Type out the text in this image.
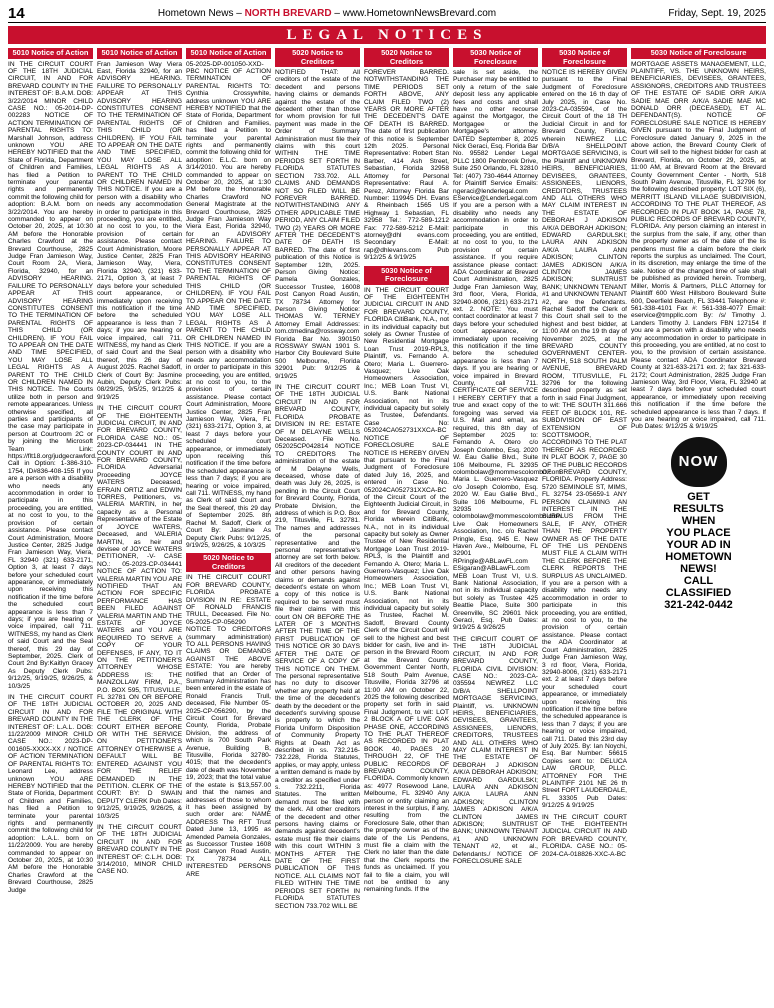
14	Hometown News – NORTH BREVARD – www.HometownNewsBrevard.com	Friday, Sept. 19, 2025
LEGAL NOTICES
5010 Notice of Action
IN THE CIRCUIT COURT OF THE 18TH JUDICIAL CIRCUIT, IN AND FOR BREVARD COUNTY IN THE INTEREST OF: B.A.M. DOB: 3/22/2014 MINOR CHILD CASE NO.: 05-2014-DP-002283 NOTICE OF ACTION TERMINATION OF PARENTAL RIGHTS TO: Marshall Johnson, address unknown YOU ARE HEREBY NOTIFIED that the State of Florida, Department of Children and Families, has filed a Petition to terminate your parental rights and permanently commit the following child for adoption: B.A.M. born on 3/22/2014. You are hereby commanded to appear on October 20, 2025, at 10:30 AM before the Honorable Charles Crawford at the Brevard Courthouse, 2825 Judge Fran Jamieson Way, Court Room 2A, Viera, Florida, 32940, for an ADVISORY HEARING. FAILURE TO PERSONALLY APPEAR AT THIS ADVISORY HEARING CONSTITUTES CONSENT TO THE TERMINATION OF PARENTAL RIGHTS OF THIS CHILD (OR CHILDREN). IF YOU FAIL TO APPEAR ON THE DATE AND TIME SPECIFIED, YOU MAY LOSE ALL LEGAL RIGHTS AS A PARENT TO THE CHILD OR CHILDREN NAMED IN THIS NOTICE. The Courts utilize both in person and remote appearances. Unless otherwise specified, all parties and participants of the case may participate in person at Courtroom 2C or by joining the Microsoft Team Link: https://flt18.org/judgecrawford. Call in Option: 1-386-310-1754, ID#836-408-155 If you are a person with a disability who needs any accommodation in order to participate in this proceeding, you are entitled, at no cost to you, to the provision of certain assistance. Please contact Court Administration, Moore Justice Center, 2825 Judge Fran Jamieson Way, Viera, FL 32940 (321) 633-2171, Option 3, at least 7 days before your scheduled court appearance, or immediately upon receiving this notification if the time before the scheduled court appearance is less than 7 days; if you are hearing or voice impaired, call 711. WITNESS, my hand as Clerk of said Court and the Seal thereof, this 29 day of September, 2025. Clerk of Court 2nd By:Kaitlyn Gracey As Deputy Clerk Pubs: 9/12/25, 9/19/25, 9/26/25, & 10/3/25
IN THE CIRCUIT COURT OF THE 18TH JUDICIAL CIRCUIT IN AND FOR BREVARD COUNTY IN THE INTEREST OF: L.A.L. DOB: 11/22/2009 MINOR CHILD CASE NO.: 2023-DP-001605-XXXX-XX / NOTICE OF ACTION TERMINATION OF PARENTAL RIGHTS TO: Leonard Lee, address unknown YOU ARE HEREBY NOTIFIED that the State of Florida, Department of Children and Families, has filed a Petition to terminate your parental rights and permanently commit the following child for adoption: L.A.L. born on 11/22/2009. You are hereby commanded to appear on October 20, 2025, at 10:30 AM before the Honorable Charles Crawford at the Brevard Courthouse, 2825 Judge
5010 Notice of Action
Fran Jamieson Way Viera East, Florida 32940, for an ADVISORY HEARING. FAILURE TO PERSONALLY APPEAR AT THIS ADVISORY HEARING CONSTITUTES CONSENT TO THE TERMINATION OF PARENTAL RIGHTS OF THIS CHILD (OR CHILDREN). IF YOU FAIL TO APPEAR ON THE DATE AND TIME SPECIFIED, YOU MAY LOSE ALL LEGAL RIGHTS AS A PARENT TO THE CHILD OR CHILDREN NAMED IN THIS NOTICE. If you are a person with a disability who needs any accommodation in order to participate in this proceeding, you are entitled, at no cost to you, to the provision of certain assistance. Please contact Court Administration, Moore Justice Center, 2825 Fran Jamieson Way, Viera, Florida 32940, (321) 633-2171, Option 3, at least 7 days before your scheduled court appearance, or immediately upon receiving this notification if the time before the scheduled appearance is less than 7 days; if you are hearing or voice impaired, call 711. WITNESS, my hand as Clerk of said Court and the Seal thereof, this 26 day of August 2025. Rachel Sadoff, Clerk of Court By: Jasmine Aubin, Deputy Clerk Pubs: 08/29/25, 9/5/25, 9/12/25 & 9/19/25
IN THE CIRCUIT COURT OF THE EIGHTEENTH JUDICIAL CIRCUIT, IN AND FOR BREVARD COUNTY, FLORIDA CASE NO.: 05-2023-CP-034441 IN THE COUNTY COURT IN AND FOR BREVARD COUNTY, FLORIDA Adversarial Proceeding JOYCE WATERS Deceased, EFRAIN ORTIZ and EDWIN TORRES, Petitioners, vs. VALERIA MARTIN, in her capacity as a Personal Representative of the Estate of JOYCE WATERS, Deceased, and VALERIA MARTIN, as heir and devisee of JOYCE WATERS PETITIONER, -V- CASE NO.: 05-2023-CP-034441 NOTICE OF ACTION TO: VALERIA MARTIN YOU ARE NOTIFIED THAT AN ACTION FOR SPECIFIC PERFORMANCE HAS BEEN FILED AGAINST VALERIA MARTIN AND THE ESTATE OF JOYCE WATERS and YOU ARE REQUIRED TO SERVE A COPY OF YOUR DEFENSES, IF ANY, TO IT ON THE PETITIONER'S ATTORNEY WHOSE ADDRESS IS: THE MANZOLLAW FIRM, P.A., P.O. BOX 595, TITUSVILLE, FL 32781 ON OR BEFORE OCTOBER 20, 2025 AND FILE THE ORIGINAL WITH THE CLERK OF THE COURT EITHER BEFORE OR WITH THE SERVICE ON PETITIONER'S ATTORNEY OTHERWISE A DEFAULT WILL BE ENTERED AGAINST YOU FOR THE RELIEF DEMANDED IN THE PETITION. CLERK OF THE COURT: BY: D SWAIN DEPUTY CLERK Pub Dates: 9/12/25, 9/19/25, 9/26/25, & 10/3/25
IN THE CIRCUIT COURT OF THE 18TH JUDICIAL CIRCUIT IN AND FOR BREVARD COUNTY IN THE INTEREST OF: C.L.H. DOB: 3/14/2010, MINOR CHILD CASE NO.
5010 Notice of Action
05-2025-DP-001050-XXD-PBC NOTICE OF ACTION TERMINATION OF PARENTAL RIGHTS TO: Cynthia Crossywhite, address unknown YOU ARE HEREBY NOTIFIED that the State of Florida, Department of Children and Families, has filed a Petition to terminate your parental rights and permanently commit the following child for adoption: E.L.C. born on 3/14/2010. You are hereby commanded to appear on October 20, 2025, at 1:30 PM before the Honorable Charles Crawford NO General Magistrate at the Brevard Courthouse, 2825 Judge Fran Jamieson Way Viera East, Florida 32940, for an ADVISORY HEARING. FAILURE TO PERSONALLY APPEAR AT THIS ADVISORY HEARING CONSTITUTES CONSENT TO THE TERMINATION OF PARENTAL RIGHTS OF THIS CHILD (OR CHILDREN). IF YOU FAIL TO APPEAR ON THE DATE AND TIME SPECIFIED, YOU MAY LOSE ALL LEGAL RIGHTS AS A PARENT TO THE CHILD OR CHILDREN NAMED IN THIS NOTICE. If you are a person with a disability who needs any accommodation in order to participate in this proceeding, you are entitled, at no cost to you, to the provision of certain assistance. Please contact Court Administration, Moore Justice Center, 2825 Fran Jamieson Way, Viera, FL (321) 633-2171, Option 3, at least 7 days before your scheduled court appearance, or immediately upon receiving this notification if the time before the scheduled appearance is less than 7 days; if you are hearing or voice impaired, call 711. WITNESS, my hand as Clerk of said Court and the Seal thereof, this 29 day of September 2025. 8th Rachel M. Sadoff, Clerk of Court By: Jasmine As Deputy Clerk Pubs: 9/12/25, 9/19/25, 9/26/25, & 10/3/25
5020 Notice to Creditors
IN THE CIRCUIT COURT FOR BREVARD COUNTY, FLORIDA PROBATE DIVISION IN RE: ESTATE OF RONALD FRANCIS TRULL, Deceased. File No. 05-2025-CP-056290 NOTICE TO CREDITORS (summary administration) TO ALL PERSONS HAVING CLAIMS OR DEMANDS AGAINST THE ABOVE ESTATE: You are hereby notified that an Order of Summary Administration has been entered in the estate of Ronald Francis Trull, deceased, File Number 05-2025-CP-056290, by the Circuit Court for Brevard County, Florida, Probate Division, the address of which is 700 South Park Avenue, Building B, Titusville, Florida 32780-4015; that the decedent's date of death was November 19, 2023; that the total value of the estate is $13,557.00 and that the names and addresses of those to whom it has been assigned by such order are: NAME ADDRESS The RFT Trust Dated June 13, 1995 as Amended Pamela Gonzales, as Successor Trustee 1608 Post Canyon Road Austin, TX 78734 ALL INTERESTED PERSONS ARE
5020 Notice to Creditors
NOTIFIED THAT: All creditors of the estate of the decedent and persons having claims or demands against the estate of the decedent other than those for whom provision for full payment was made in the Order of Summary Administration must file their claims with this court WITHIN THE TIME PERIODS SET FORTH IN FLORIDA STATUTES SECTION 733.702. ALL CLAIMS AND DEMANDS NOT SO FILED WILL BE FOREVER BARRED. NOTWITHSTANDING ANY OTHER APPLICABLE TIME PERIOD, ANY CLAIM FILED TWO (2) YEARS OR MORE AFTER THE DECEDENT'S DATE OF DEATH IS BARRED. The date of first publication of this Notice is September 12th, 2025. Person Giving Notice: Pamela Gonzales, Successor Trustee, 16008 Post Canyon Road Austin, TX 78734 Attorney for Person Giving Notice: THOMAS W. TERNEY Attorney Email Addresses: tom.ctmedina@rossway.com Florida Bar No. 390150 ROSSWAY SWAN 1901 S. Harbor City Boulevard Suite 500 Melbourne, Florida 32901 Pub: 9/12/25 & 9/19/25
IN THE CIRCUIT COURT OF THE 18TH JUDICIAL CIRCUIT IN AND FOR BREVARD COUNTY, FLORIDA PROBATE DIVISION IN RE: ESTATE OF M DELAYNE WELLS Deceased. File No. 052025CP042814 NOTICE TO CREDITORS The administration of the estate of M Delayne Wells, deceased, whose date of death was July 26, 2025, is pending in the Circuit Court for Brevard County, Florida, Probate Division, the address of which is P.O. Box 219, Titusville, FL 32781. The names and addresses of the personal representative and the personal representative's attorney are set forth below. All creditors of the decedent and other persons having claims or demands against decedent's estate on whom a copy of this notice is required to be served must file their claims with this court ON OR BEFORE THE LATER OF 3 MONTHS AFTER THE TIME OF THE FIRST PUBLICATION OF THIS NOTICE OR 30 DAYS AFTER THE DATE OF SERVICE OF A COPY OF THIS NOTICE ON THEM. The personal representative has no duty to discover whether any property held at the time of the decedent's death by the decedent or the decedent's surviving spouse is property to which the Florida Uniform Disposition of Community Property Rights at Death Act as described in ss. 732.216-732.228, Florida Statutes, applies, or may apply, unless a written demand is made by a creditor as specified under s. 732.2211, Florida Statutes. The written demand must be filed with the clerk. All other creditors of the decedent and other persons having claims or demands against decedent's estate must file their claims with this court WITHIN 3 MONTHS AFTER THE DATE OF THE FIRST PUBLICATION OF THIS NOTICE. ALL CLAIMS NOT FILED WITHIN THE TIME PERIODS SET FORTH IN FLORIDA STATUTES SECTION 733.702 WILL BE
5020 Notice to Creditors
FOREVER BARRED. NOTWITHSTANDING THE TIME PERIODS SET FORTH ABOVE, ANY CLAIM FILED TWO (2) YEARS OR MORE AFTER THE DECEDENT'S DATE OF DEATH IS BARRED. The date of first publication of this notice is September 12th 2025. Personal Representative: Robert Stan Barber, 414 Ash Street, Sebastian, Florida 32958 Attorney for Personal Representative: Raul A. Perez, Attorney Florida Bar Number: 119945 DH. Evans & Rheinbach 1565 US Highway 1 Sebastian, FL 32958 Tel.: 772-589-1212 Fax: 772-589-5212 E-Mail: atorney@dhl evans.com Secondary E-Mail: rap@dhlevans.com Pub 9/12/25 & 9/19/25
5030 Notice of Foreclosure
IN THE CIRCUIT COURT OF THE EIGHTEENTH JUDICIAL CIRCUIT IN AND FOR BREVARD COUNTY, FLORIDA CitiBank, N.A., not in its individual capacity but solely as Owner Trustee of New Residential Mortgage Loan Trust 2019-RPL3, Plaintiff, vs. Fernando A. Otero; Maria L. Guerrero-Vasquez; Live Oak Homeowners Association, Inc.; MEB Loan Trust VI, U.S. Bank National Association, not in its individual capacity but solely as Trustee, Defendants. Case No: 052024CA052731XXCA-BC NOTICE OF FORECLOSURE SALE NOTICE IS HEREBY GIVEN that pursuant to the Final Judgment of Foreclosure dated July 16, 2025, and entered in Case No. 052024CA052731XXCA-BC of the Circuit Court of the Eighteenth Judicial Circuit, in and for Brevard County, Florida wherein CitiBank, N.A., not in its individual capacity but solely as Owner Trustee of New Residential Mortgage Loan Trust 2019-RPL3, is the Plaintiff and Fernando A. Otero; Maria L. Guerrero-Vasquez; Live Oak Homeowners Association, Inc.; MEB Loan Trust VI, U.S. Bank National Association, not in its individual capacity but solely as Trustee, Rachel M. Sadoff, Brevard County Clerk of the Circuit Court will sell to the highest and best bidder for cash, live and in-person in the Brevard Room at the Brevard County Government Center North, 518 South Palm Avenue, Titusville, Florida 32796 at 11:00 AM on October 22, 2025 the following described property set forth in said Final Judgment, to wit: LOT 2 BLOCK A OF LIVE OAK PHASE ONE, ACCORDING TO THE PLAT THEREOF AS RECORDED IN PLAT BOOK 40, PAGES 20 THROUGH 22, OF THE PUBLIC RECORDS OF BREVARD COUNTY, FLORIDA. Commonly known as: 4977 Rosewood Lane, Melbourne, FL 32940 Any person or entity claiming an interest in the surplus, if any, resulting from the Foreclosure Sale, other than the property owner as of the date of the Lis Pendens, must file a claim with the Clerk no later than the date that the Clerk reports the funds as unclaimed. If you fail to file a claim, you will not be entitled to any remaining funds. If the
5030 Notice of Foreclosure
sale is set aside, the Purchaser may be entitled to only a return of the sale deposit less any applicable fees and costs and shall have no other recourse against the Mortgagor, the Mortgagee or the Mortgagee's attorney. DATED September 8, 2025 Nick Geraci, Esq. Florida Bar No. 95582 Lender Legal PLLC 1800 Pembrook Drive, Suite 250 Orlando, FL 32810 Tel: (407) 730-4644 Attorney for Plaintiff Service Emails: ngeraci@lenderlegal.com EService@LenderLegal.com If you are a person with a disability who needs any accommodation in order to participate in this proceeding, you are entitled, at no cost to you, to the provision of certain assistance. If you require assistance please contact: ADA Coordinator at Brevard Court Administration, 2825 Judge Fran Jamieson Way, 3rd floor, Viera, Florida, 32940-8006, (321) 633-2171 ext. 2. NOTE: You must contact coordinator at least 7 days before your scheduled court appearance, or immediately upon receiving this notification if the time before the scheduled appearance is less than 7 days. If you are hearing or voice impaired in Brevard County, call 711. CERTIFICATE OF SERVICE I HEREBY CERTIFY that a true and exact copy of the foregoing was served via U.S. Mail and email, as required, this 8th day of September 2025 to: Fernando A. Otero c/o Joseph Colombo, Esq. 2020 W. Eau Gallie Blvd., Suite 106 Melbourne, FL 32935 colombolaw@mommescolombo.com Maria L. Guerrero-Vasquez c/o Joseph Colombo, Esq. 2020 W. Eau Gallie Blvd., Suite 106 Melbourne, FL 32935 colombolaw@mommescolombo.com Live Oak Homeowners Association, Inc. c/o Rachel Pringle, Esq. 945 E. New Haven Ave., Melbourne, FL 32901 RPringle@ABLawFL.com ESigaran@ABLawFL.com MEB Loan Trust VI, U.S. Bank National Association, not in its individual capacity but solely as Trustee 425 Beattie Place, Suite 300 Greenville, SC 29601 Nick Geraci, Esq. Pub Dates: 9/19/25 & 9/26/25
THE CIRCUIT COURT OF THE 18TH JUDICIAL CIRCUIT, IN AND FOR BREVARD COUNTY, FLORIDA CIVIL DIVISION: CASE NO.: 2023-CA-035594 NEWREZ LLC D/B/A SHELLPOINT MORTGAGE SERVICING, Plaintiff, vs. UNKNOWN HEIRS, BENEFICIARIES, DEVISEES, GRANTEES, ASSIGNEES, LIENORS, CREDITORS, TRUSTEES AND ALL OTHERS WHO MAY CLAIM INTEREST IN THE ESTATE OF DEBORAH J ADKISON A/K/A DEBORAH ADKISON; EDWARD GARDULSKI; LAURA ANN ADKISON A/K/A LAURA ANN ADKISON; CLINTON JAMES ADKISON A/K/A CLINTON JAMES ADKISON; SUNTRUST BANK; UNKNOWN TENANT #1 AND UNKNOWN TENANT #2, et al., Defendants./ NOTICE OF FORECLOSURE SALE
5030 Notice of Foreclosure
NOTICE IS HEREBY GIVEN pursuant to the Final Judgment of Foreclosure entered on the 16 th day of July 2025, in Case No. 2023-CA-035594, of the Circuit Court of the 18 TH Judicial Circuit in and for Brevard County, Florida, wherein NEWREZ LLC D/B/A SHELLPOINT MORTGAGE SERVICING, is the Plaintiff and UNKNOWN HEIRS, BENEFICIARIES, DEVISEES, GRANTEES, ASSIGNEES, LIENORS, CREDITORS, TRUSTEES AND ALL OTHERS WHO MAY CLAIM INTEREST IN THE ESTATE OF DEBORAH J ADKISON A/K/A DEBORAH ADKISON; EDWARD GARDULSKI; LAURA ANN ADKISON A/K/A LAURA ANN ADKISON; CLINTON JAMES ADKISON A/K/A CLINTON JAMES ADKISON; SUNTRUST BANK; UNKNOWN TENANT #1 and UNKNOWN TENANT #2, are the Defendants. Rachel Sadoff the Clerk of this Court shall sell to the highest and best bidder, at 11:00 AM on the 19 th day of November 2025, at the BREVARD COUNTY GOVERNMENT CENTER-NORTH, 518 SOUTH PALM AVENUE, BREVARD ROOM, TITUSVILLE, FL 32796 for the following described property as set forth in said Final Judgment, to wit: THE SOUTH 311.666 FEET OF BLOCK 101, RE-SUBDIVISION OF EAST EXTENSION OF SCOTTSMOOR, ACCORDING TO THE PLAT THEREOF AS RECORDED IN PLAT BOOK 7, PAGE 30 OF THE PUBLIC RECORDS OF BREVARD COUNTY, FLORIDA. Property Address: 5720 SEMINOLE ST, MIMS, FL 32754 23-05659-1 ANY PERSON CLAIMING AN INTEREST IN THE SURPLUS FROM THE SALE, IF ANY, OTHER THAN THE PROPERTY OWNER AS OF THE DATE OF THE LIS PENDENS MUST FILE A CLAIM WITH THE CLERK BEFORE THE CLERK REPORTS THE SURPLUS AS UNCLAIMED. If you are a person with a disability who needs any accommodation in order to participate in this proceeding, you are entitled, at no cost to you, to the provision of certain assistance. Please contact the ADA Coordinator at Court Administration, 2825 Judge Fran Jamieson Way, 3 rd floor, Viera, Florida, 32940-8006, (321) 633-2171 ext. 2 at least 7 days before your scheduled court appearance, or immediately upon receiving this notification if the time before the scheduled appearance is less than 7 days; if you are hearing or voice impaired, call 711. Dated this 23rd day of July 2025. By: Ian Noychi, Esq. Bar Number: 56615 Copies sent to: DELUCA LAW GROUP, PLLC. ATTORNEY FOR THE PLAINTIFF 2101 NE 26 th Street FORT LAUDERDALE, FL 33305 Pub Dates: 9/12/25 & 9/19/25
IN THE CIRCUIT COURT OF THE EIGHTEENTH JUDICIAL CIRCUIT IN AND FOR BREVARD COUNTY, FLORIDA. CASE NO.: 05-2024-CA-018826-XXC-A-BC
5030 Notice of Foreclosure
MORTGAGE ASSETS MANAGEMENT, LLC, PLAINTIFF, VS. THE UNKNOWN HEIRS, BENEFICIARIES, DEVISEES, GRANTEES, ASSIGNORS, CREDITORS AND TRUSTEES OF THE ESTATE OF SADIE ORR A/K/A SADIE MAE ORR A/K/A SADIE MAE MC DONALD ORR (DECEASED), ET AL. DEFENDANT(S). NOTICE OF FORECLOSURE SALE NOTICE IS HEREBY GIVEN pursuant to the Final Judgment of Foreclosure dated January 9, 2025 in the above action, the Brevard County Clerk of Court will sell to the highest bidder for cash at Brevard, Florida, on October 29, 2025, at 11:00 AM, at Brevard Room at the Brevard County Government Center - North, 518 South Palm Avenue, Titusville, FL 32796 for the following described property: LOT SIX (6), MERRITT ISLAND VILLAGE SUBDIVISION, ACCORDING TO THE PLAT THEREOF, AS RECORDED IN PLAT BOOK 14, PAGE 78, PUBLIC RECORDS OF BREVARD COUNTY, FLORIDA. Any person claiming an interest in the surplus from the sale, if any, other than the property owner as of the date of the lis pendens must file a claim before the clerk reports the surplus as unclaimed. The Court, in its discretion, may enlarge the time of the sale. Notice of the changed time of sale shall be published as provided herein. Tromberg, Miller, Morris & Partners, PLLC Attorney for Plaintiff 600 West Hillsboro Boulevard Suite 600, Deerfield Beach, FL 33441 Telephone #: 561-338-4101 Fax #: 561-338-4077 Email: eservice@tmppllc.com By: /s/ Timothy J. Landers Timothy J. Landers FBN 127154 If you are a person with a disability who needs any accommodation in order to participate in this proceeding, you are entitled, at no cost to you, to the provision of certain assistance. Please contact ADA Coordinator Brevard County at 321-633-2171 ext. 2; fax 321-633-2172; Court Administration, 2825 Judge Fran Jamieson Way, 3rd Floor, Viera, FL 32940 at least 7 days before your scheduled court appearance, or immediately upon receiving this notification if the time before the scheduled appearance is less than 7 days. If you are hearing or voice impaired, call 711. Pub Dates: 9/12/25 & 9/19/25
NOW
GET
RESULTS
WHEN
YOU PLACE
YOUR AD IN
HOMETOWN
NEWS!
CALL
CLASSIFIED
321-242-0442
